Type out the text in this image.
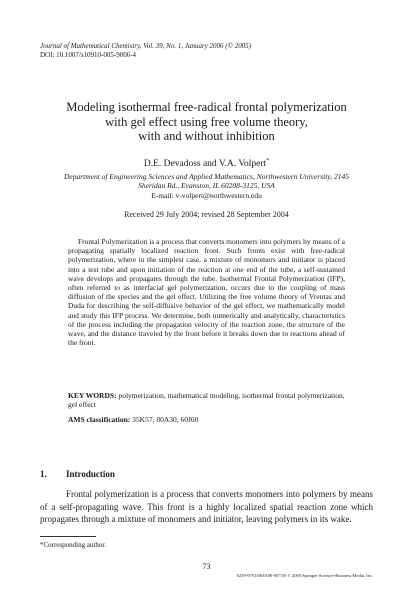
Journal of Mathematical Chemistry, Vol. 39, No. 1, January 2006 (© 2005)
DOI: 10.1007/s10910-005-9006-4
Modeling isothermal free-radical frontal polymerization
with gel effect using free volume theory,
with and without inhibition
D.E. Devadoss and V.A. Volpert*
Department of Engineering Sciences and Applied Mathematics, Northwestern University, 2145
Sheridan Rd., Evanston, IL 60208-3125, USA
E-mail: v-volpert@northwestern.edu
Received 29 July 2004; revised 28 September 2004

Frontal Polymerization is a process that converts monomers into polymers by means of a propagating spatially localized reaction front. Such fronts exist with free-radical polymerization, where in the simplest case, a mixture of monomers and initiator is placed into a test tube and upon initiation of the reaction at one end of the tube, a self-sustained wave develops and propagates through the tube. Isothermal Frontal Polymerization (IFP), often referred to as interfacial gel polymerization, occurs due to the coupling of mass diffusion of the species and the gel effect. Utilizing the free volume theory of Vrentas and Duda for describing the self-diffusive behavior of the gel effect, we mathematically model and study this IFP process. We determine, both numerically and analytically, characteristics of the process including the propagation velocity of the reaction zone, the structure of the wave, and the distance traveled by the front before it breaks down due to reactions ahead of the front.

KEY WORDS: polymerization, mathematical modeling, isothermal frontal polymerization, gel effect

AMS classification: 35K57, 80A30, 60J60

1. Introduction

Frontal polymerization is a process that converts monomers into polymers by means of a self-propagating wave. This front is a highly localized spatial reaction zone which propagates through a mixture of monomers and initiator, leaving polymers in its wake.

*Corresponding author.
73
0259-9791/06/0100-0073/0 © 2005 Springer Science+Business Media, Inc.
